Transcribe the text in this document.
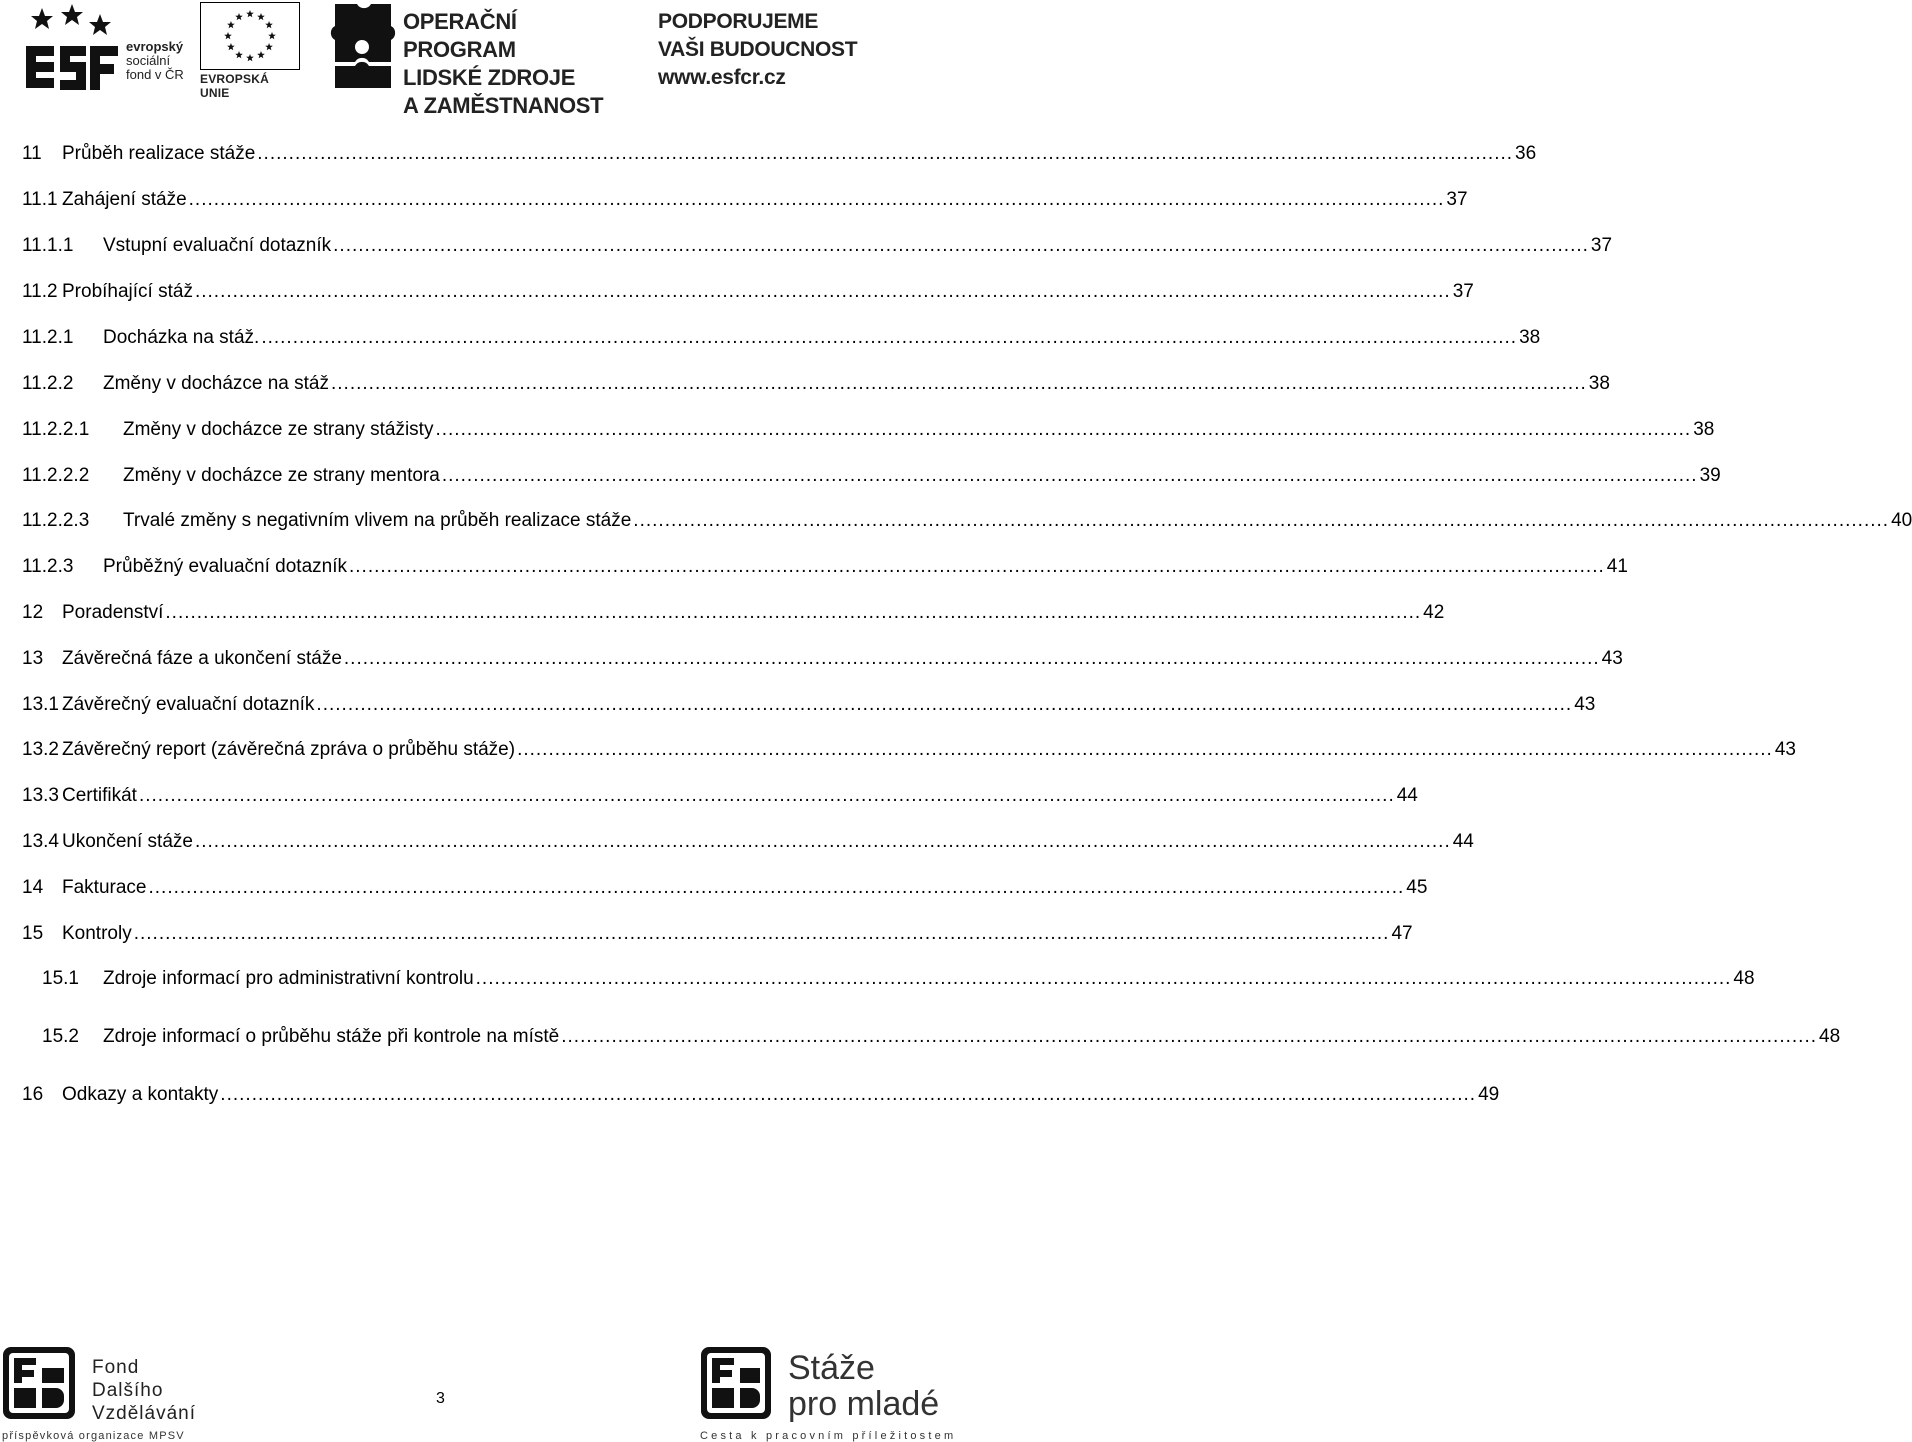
evropský
sociální
fond v ČR EVROPSKÁ UNIE
OPERAČNÍ PROGRAM
LIDSKÉ ZDROJE
A ZAMĚSTNANOST
PODPORUJEME
VAŠI BUDOUCNOST
www.esfcr.cz
11	Průběh realizace stáže ........................................................................................................................................................................................................ 36
11.1 Zahájení stáže ........................................................................................................................................................................................................ 37
11.1.1	Vstupní evaluační dotazník ........................................................................................................................................................................................................ 37
11.2 Probíhající stáž ........................................................................................................................................................................................................ 37
11.2.1	Docházka na stáž. ........................................................................................................................................................................................................ 38
11.2.2	Změny v docházce na stáž ........................................................................................................................................................................................................ 38
11.2.2.1	Změny v docházce ze strany stážisty ........................................................................................................................................................................................................ 38
11.2.2.2	Změny v docházce ze strany mentora ........................................................................................................................................................................................................ 39
11.2.2.3	Trvalé změny s negativním vlivem na průběh realizace stáže ........................................................................................................................................................................................................ 40
11.2.3	Průběžný evaluační dotazník ........................................................................................................................................................................................................ 41
12 Poradenství ........................................................................................................................................................................................................ 42
13 Závěrečná fáze a ukončení stáže ........................................................................................................................................................................................................ 43
13.1 Závěrečný evaluační dotazník ........................................................................................................................................................................................................ 43
13.2 Závěrečný report (závěrečná zpráva o průběhu stáže) ........................................................................................................................................................................................................ 43
13.3 Certifikát ........................................................................................................................................................................................................ 44
13.4 Ukončení stáže ........................................................................................................................................................................................................ 44
14 Fakturace ........................................................................................................................................................................................................ 45
15 Kontroly ........................................................................................................................................................................................................ 47
15.1	Zdroje informací pro administrativní kontrolu ........................................................................................................................................................................................................ 48
15.2	Zdroje informací o průběhu stáže při kontrole na místě ........................................................................................................................................................................................................ 48
16 Odkazy a kontakty ........................................................................................................................................................................................................ 49
Fond
Dalšího
Vzdělávání
příspěvková organizace MPSV
3
Stáže
pro mladé
Cesta k pracovním příležitostem
